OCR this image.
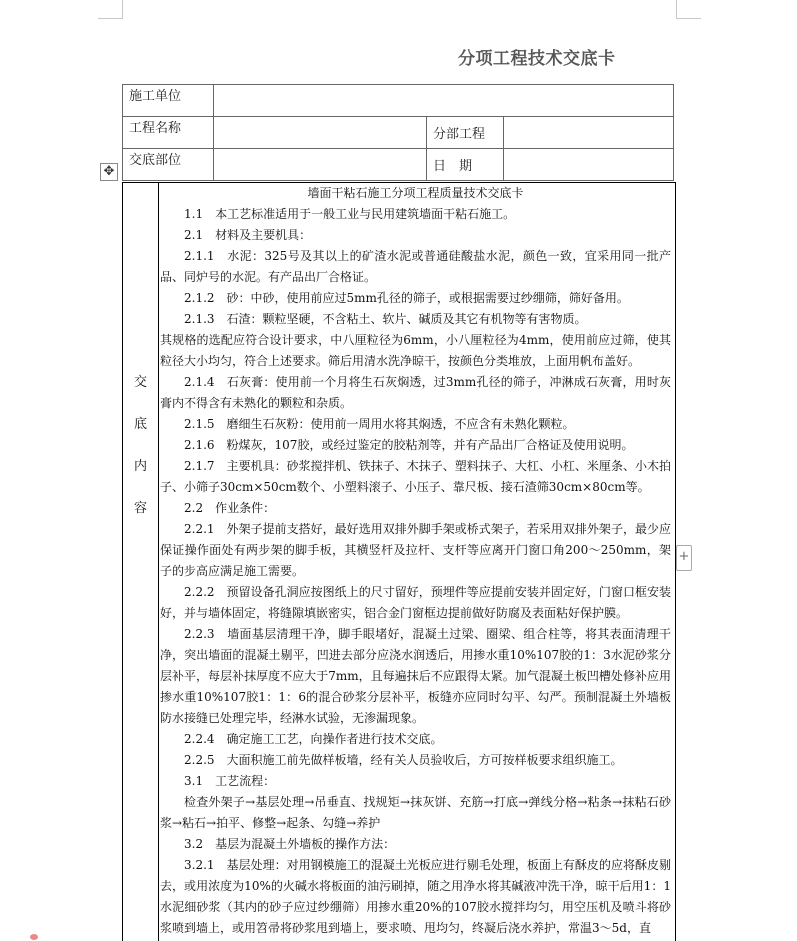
分项工程技术交底卡
施工单位			
工程名称		分部工程	
交底部位		日　期	
✥
交
底
内
容

墙面干粘石施工分项工程质量技术交底卡

1.1　本工艺标准适用于一般工业与民用建筑墙面干粘石施工。

2.1　材料及主要机具：

2.1.1　水泥：325号及其以上的矿渣水泥或普通硅酸盐水泥，颜色一致，宜采用同一批产品、同炉号的水泥。有产品出厂合格证。

2.1.2　砂：中砂，使用前应过5mm孔径的筛子，或根据需要过纱绷筛，筛好备用。

2.1.3　石渣：颗粒坚硬，不含粘土、软片、碱质及其它有机物等有害物质。

其规格的选配应符合设计要求，中八厘粒径为6mm，小八厘粒径为4mm，使用前应过筛，使其粒径大小均匀，符合上述要求。筛后用清水洗净晾干，按颜色分类堆放，上面用帆布盖好。

2.1.4　石灰膏：使用前一个月将生石灰焖透，过3mm孔径的筛子，冲淋成石灰膏，用时灰膏内不得含有未熟化的颗粒和杂质。

2.1.5　磨细生石灰粉：使用前一周用水将其焖透，不应含有未熟化颗粒。

2.1.6　粉煤灰，107胶，或经过鉴定的胶粘剂等，并有产品出厂合格证及使用说明。

2.1.7　主要机具：砂浆搅拌机、铁抹子、木抹子、塑料抹子、大杠、小杠、米厘条、小木拍子、小筛子30cm×50cm数个、小塑料滚子、小压子、靠尺板、接石渣筛30cm×80cm等。

2.2　作业条件：

2.2.1　外架子提前支搭好，最好选用双排外脚手架或桥式架子，若采用双排外架子，最少应保证操作面处有两步架的脚手板，其横竖杆及拉杆、支杆等应离开门窗口角200～250mm，架子的步高应满足施工需要。

2.2.2　预留设备孔洞应按图纸上的尺寸留好，预埋件等应提前安装并固定好，门窗口框安装好，并与墙体固定，将缝隙填嵌密实，铝合金门窗框边提前做好防腐及表面粘好保护膜。

2.2.3　墙面基层清理干净，脚手眼堵好，混凝土过梁、圈梁、组合柱等，将其表面清理干净，突出墙面的混凝土剔平，凹进去部分应浇水润透后，用掺水重10%107胶的1：3水泥砂浆分层补平，每层补抹厚度不应大于7mm，且每遍抹后不应跟得太紧。加气混凝土板凹槽处修补应用掺水重10%107胶1：1：6的混合砂浆分层补平，板缝亦应同时勾平、勾严。预制混凝土外墙板防水接缝已处理完毕，经淋水试验，无渗漏现象。

2.2.4　确定施工工艺，向操作者进行技术交底。

2.2.5　大面积施工前先做样板墙，经有关人员验收后，方可按样板要求组织施工。

3.1　工艺流程：

检查外架子→基层处理→吊垂直、找规矩→抹灰饼、充筋→打底→弹线分格→粘条→抹粘石砂浆→粘石→拍平、修整→起条、勾缝→养护

3.2　基层为混凝土外墙板的操作方法：

3.2.1　基层处理：对用钢模施工的混凝土光板应进行剔毛处理，板面上有酥皮的应将酥皮剔去，或用浓度为10%的火碱水将板面的油污刷掉，随之用净水将其碱液冲洗干净，晾干后用1：1水泥细砂浆（其内的砂子应过纱绷筛）用掺水重20%的107胶水搅拌均匀，用空压机及喷斗将砂浆喷到墙上，或用笤帚将砂浆甩到墙上，要求喷、甩均匀，终凝后浇水养护，常温3～5d，直

+
